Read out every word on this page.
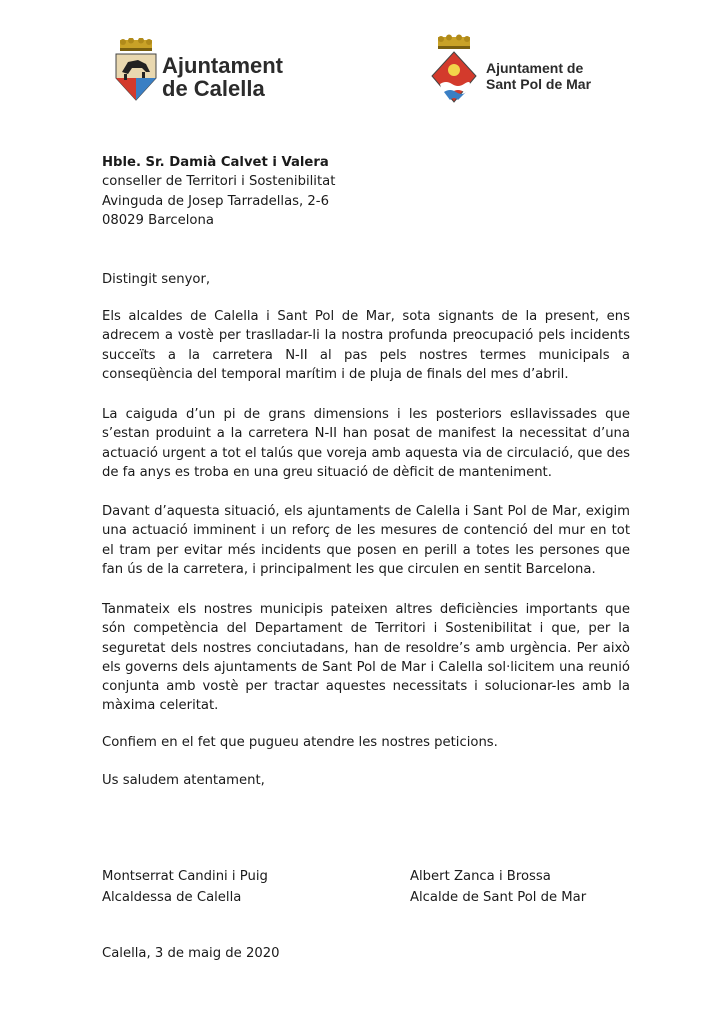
Ajuntament
de Calella
Ajuntament de
Sant Pol de Mar

Hble. Sr. Damià Calvet i Valera

conseller de Territori i Sostenibilitat

Avinguda de Josep Tarradellas, 2-6

08029 Barcelona

Distingit senyor,

Els alcaldes de Calella i Sant Pol de Mar, sota signants de la present, ens adrecem a vostè per traslladar-li la nostra profunda preocupació pels incidents succeïts a la carretera N-II al pas pels nostres termes municipals a conseqüència del temporal marítim i de pluja de finals del mes d’abril.

La caiguda d’un pi de grans dimensions i les posteriors esllavissades que s’estan produint a la carretera N-II han posat de manifest la necessitat d’una actuació urgent a tot el talús que voreja amb aquesta via de circulació, que des de fa anys es troba en una greu situació de dèficit de manteniment.

Davant d’aquesta situació, els ajuntaments de Calella i Sant Pol de Mar, exigim una actuació imminent i un reforç de les mesures de contenció del mur en tot el tram per evitar més incidents que posen en perill a totes les persones que fan ús de la carretera, i principalment les que circulen en sentit Barcelona.

Tanmateix els nostres municipis pateixen altres deficiències importants que són competència del Departament de Territori i Sostenibilitat i que, per la seguretat dels nostres conciutadans, han de resoldre’s amb urgència. Per això els governs dels ajuntaments de Sant Pol de Mar i Calella sol·licitem una reunió conjunta amb vostè per tractar aquestes necessitats i solucionar-les amb la màxima celeritat.

Confiem en el fet que pugueu atendre les nostres peticions.

Us saludem atentament,

Montserrat Candini i Puig
Alcaldessa de Calella
Albert Zanca i Brossa
Alcalde de Sant Pol de Mar

Calella, 3 de maig de 2020
